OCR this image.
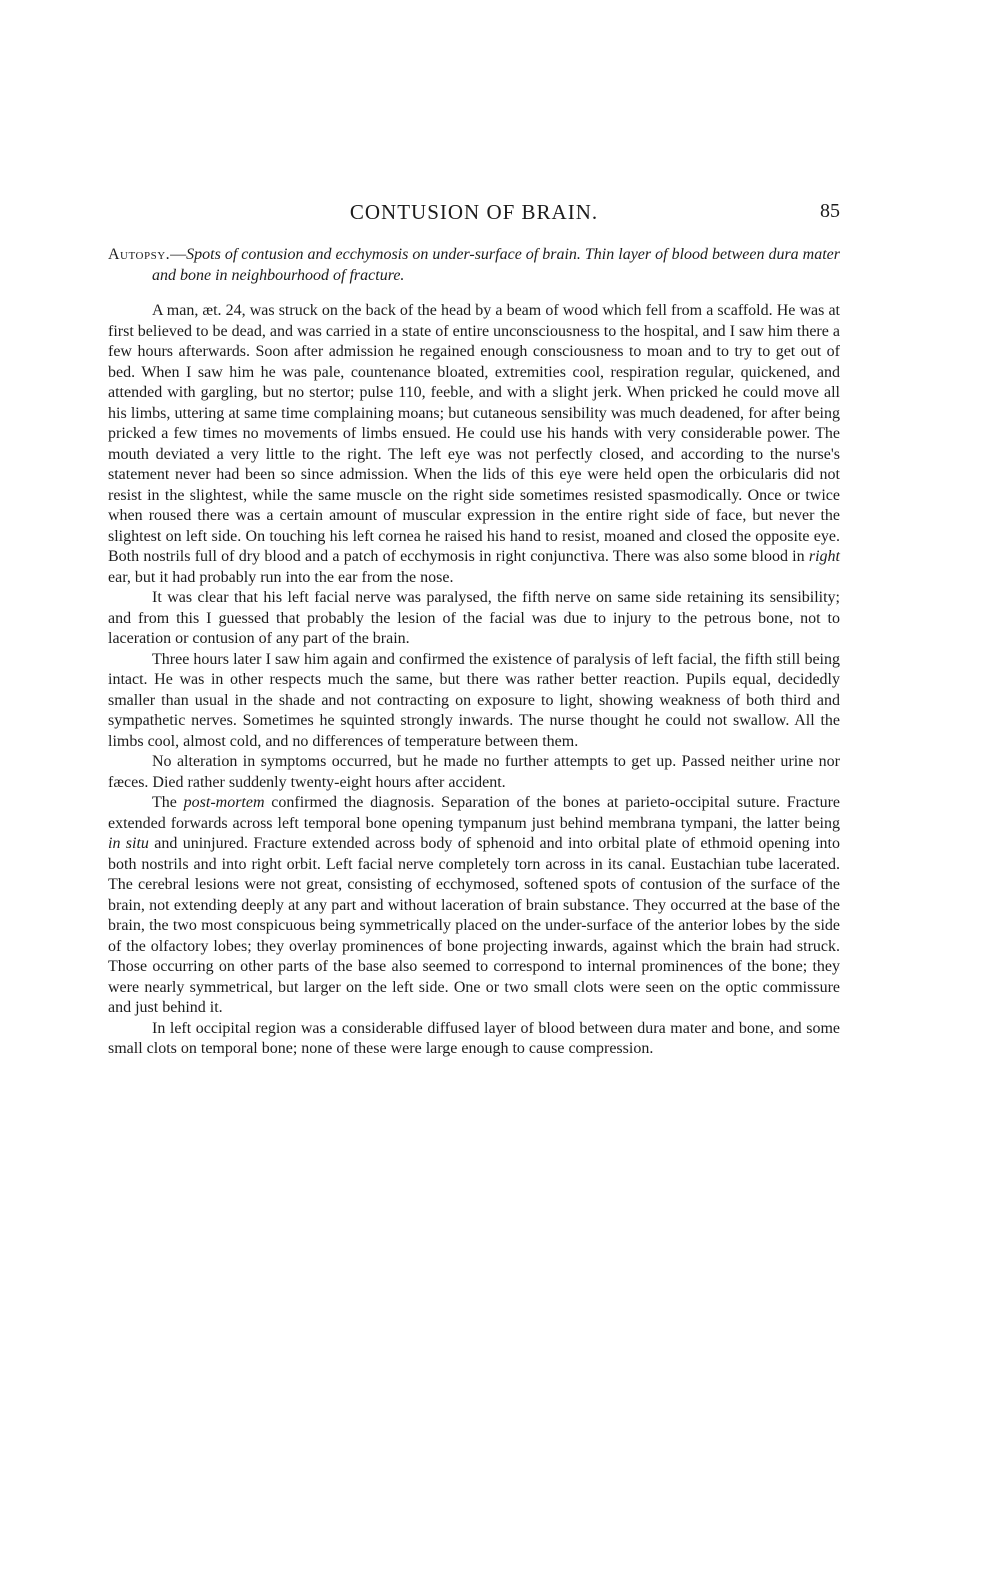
CONTUSION OF BRAIN.	85

Autopsy.—Spots of contusion and ecchymosis on under-surface of brain. Thin layer of blood between dura mater and bone in neighbourhood of fracture.

A man, æt. 24, was struck on the back of the head by a beam of wood which fell from a scaffold. He was at first believed to be dead, and was carried in a state of entire unconsciousness to the hospital, and I saw him there a few hours afterwards. Soon after admission he regained enough consciousness to moan and to try to get out of bed. When I saw him he was pale, countenance bloated, extremities cool, respiration regular, quickened, and attended with gargling, but no stertor; pulse 110, feeble, and with a slight jerk. When pricked he could move all his limbs, uttering at same time complaining moans; but cutaneous sensibility was much deadened, for after being pricked a few times no movements of limbs ensued. He could use his hands with very considerable power. The mouth deviated a very little to the right. The left eye was not perfectly closed, and according to the nurse's statement never had been so since admission. When the lids of this eye were held open the orbicularis did not resist in the slightest, while the same muscle on the right side sometimes resisted spasmodically. Once or twice when roused there was a certain amount of muscular expression in the entire right side of face, but never the slightest on left side. On touching his left cornea he raised his hand to resist, moaned and closed the opposite eye. Both nostrils full of dry blood and a patch of ecchymosis in right conjunctiva. There was also some blood in right ear, but it had probably run into the ear from the nose.

It was clear that his left facial nerve was paralysed, the fifth nerve on same side retaining its sensibility; and from this I guessed that probably the lesion of the facial was due to injury to the petrous bone, not to laceration or contusion of any part of the brain.

Three hours later I saw him again and confirmed the existence of paralysis of left facial, the fifth still being intact. He was in other respects much the same, but there was rather better reaction. Pupils equal, decidedly smaller than usual in the shade and not contracting on exposure to light, showing weakness of both third and sympathetic nerves. Sometimes he squinted strongly inwards. The nurse thought he could not swallow. All the limbs cool, almost cold, and no differences of temperature between them.

No alteration in symptoms occurred, but he made no further attempts to get up. Passed neither urine nor fæces. Died rather suddenly twenty-eight hours after accident.

The post-mortem confirmed the diagnosis. Separation of the bones at parieto-occipital suture. Fracture extended forwards across left temporal bone opening tympanum just behind membrana tympani, the latter being in situ and uninjured. Fracture extended across body of sphenoid and into orbital plate of ethmoid opening into both nostrils and into right orbit. Left facial nerve completely torn across in its canal. Eustachian tube lacerated. The cerebral lesions were not great, consisting of ecchymosed, softened spots of contusion of the surface of the brain, not extending deeply at any part and without laceration of brain substance. They occurred at the base of the brain, the two most conspicuous being symmetrically placed on the under-surface of the anterior lobes by the side of the olfactory lobes; they overlay prominences of bone projecting inwards, against which the brain had struck. Those occurring on other parts of the base also seemed to correspond to internal prominences of the bone; they were nearly symmetrical, but larger on the left side. One or two small clots were seen on the optic commissure and just behind it.

In left occipital region was a considerable diffused layer of blood between dura mater and bone, and some small clots on temporal bone; none of these were large enough to cause compression.
